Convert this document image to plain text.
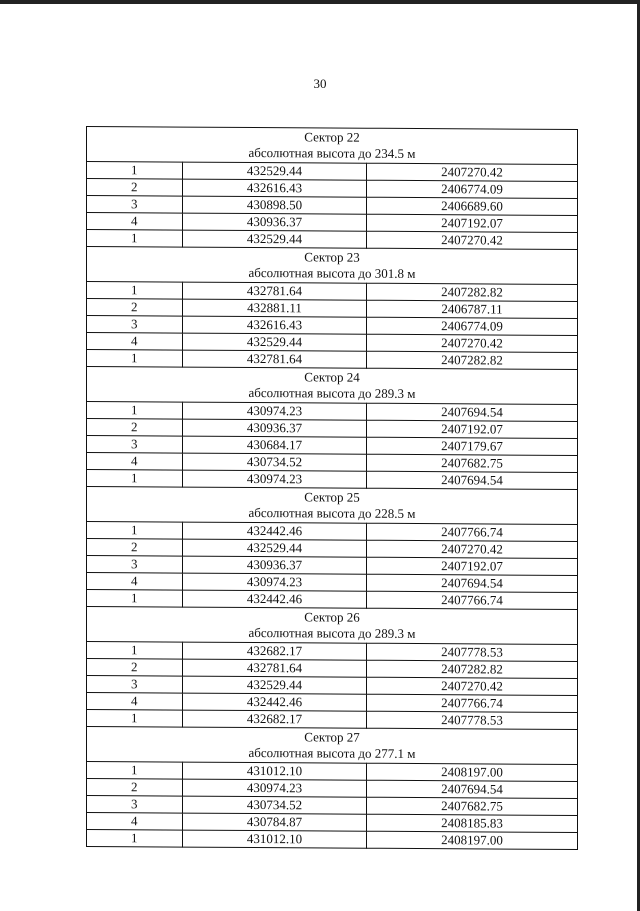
30
Сектор 22
абсолютная высота до 234.5 м		

1	432529.44	2407270.42
2	432616.43	2406774.09
3	430898.50	2406689.60
4	430936.37	2407192.07
1	432529.44	2407270.42

Сектор 23
абсолютная высота до 301.8 м		

1	432781.64	2407282.82
2	432881.11	2406787.11
3	432616.43	2406774.09
4	432529.44	2407270.42
1	432781.64	2407282.82

Сектор 24
абсолютная высота до 289.3 м		

1	430974.23	2407694.54
2	430936.37	2407192.07
3	430684.17	2407179.67
4	430734.52	2407682.75
1	430974.23	2407694.54

Сектор 25
абсолютная высота до 228.5 м		

1	432442.46	2407766.74
2	432529.44	2407270.42
3	430936.37	2407192.07
4	430974.23	2407694.54
1	432442.46	2407766.74

Сектор 26
абсолютная высота до 289.3 м		

1	432682.17	2407778.53
2	432781.64	2407282.82
3	432529.44	2407270.42
4	432442.46	2407766.74
1	432682.17	2407778.53

Сектор 27
абсолютная высота до 277.1 м		

1	431012.10	2408197.00
2	430974.23	2407694.54
3	430734.52	2407682.75
4	430784.87	2408185.83
1	431012.10	2408197.00
